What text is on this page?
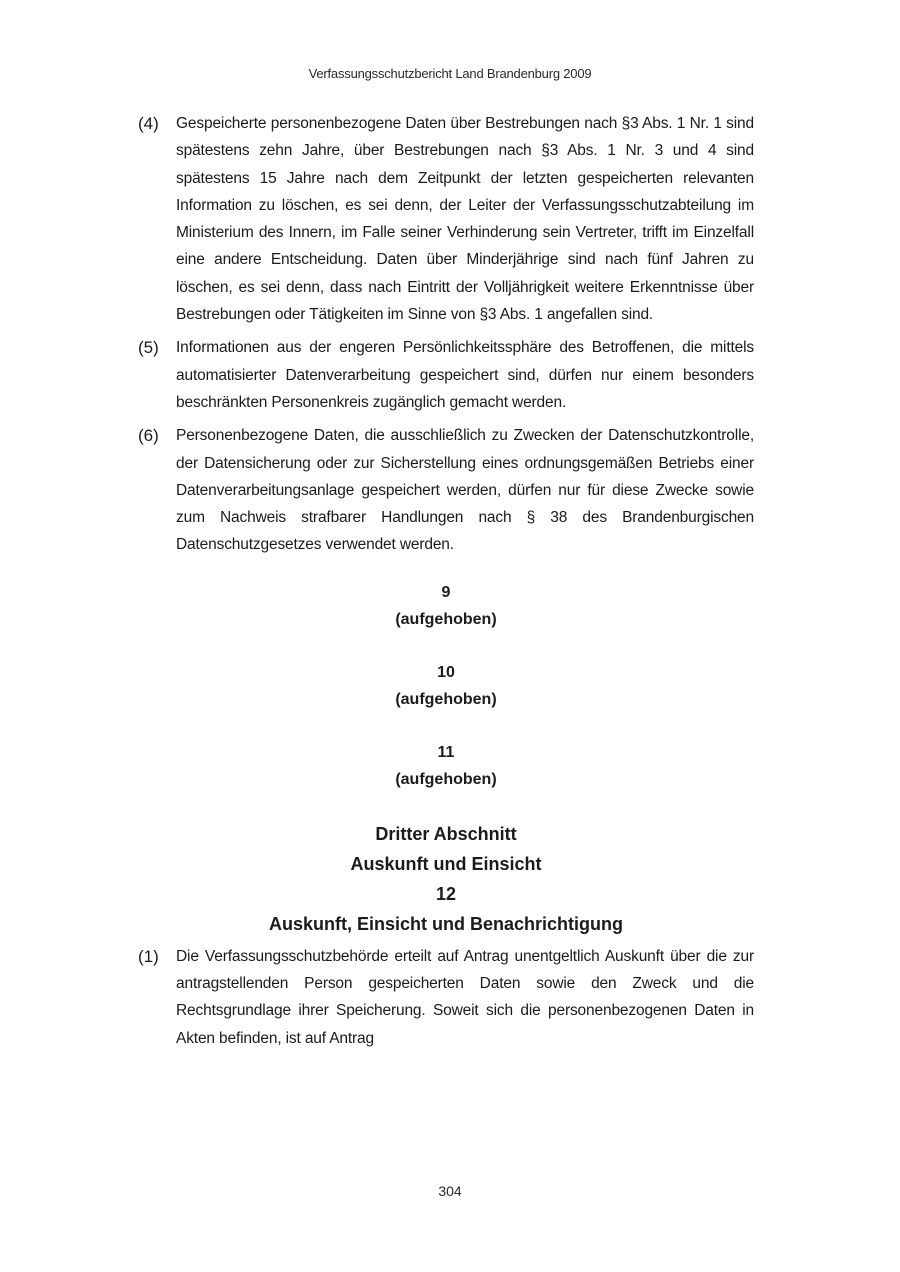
Verfassungsschutzbericht Land Brandenburg 2009
(4)	Gespeicherte personenbezogene Daten über Bestrebungen nach §3 Abs. 1 Nr. 1 sind spätestens zehn Jahre, über Bestrebungen nach §3 Abs. 1 Nr. 3 und 4 sind spätestens 15 Jahre nach dem Zeitpunkt der letzten gespeicherten relevanten Information zu löschen, es sei denn, der Leiter der Verfassungsschutzabteilung im Ministerium des Innern, im Falle seiner Verhinderung sein Vertreter, trifft im Einzelfall eine andere Entscheidung. Daten über Minderjährige sind nach fünf Jahren zu löschen, es sei denn, dass nach Eintritt der Volljährigkeit weitere Erkenntnisse über Bestrebungen oder Tätigkeiten im Sinne von §3 Abs. 1 angefallen sind.
(5)	Informationen aus der engeren Persönlichkeitssphäre des Betroffenen, die mittels automatisierter Datenverarbeitung gespeichert sind, dürfen nur einem besonders beschränkten Personenkreis zugänglich gemacht werden.
(6)	Personenbezogene Daten, die ausschließlich zu Zwecken der Datenschutzkontrolle, der Datensicherung oder zur Sicherstellung eines ordnungsgemäßen Betriebs einer Datenverarbeitungsanlage gespeichert werden, dürfen nur für diese Zwecke sowie zum Nachweis strafbarer Handlungen nach § 38 des Brandenburgischen Datenschutzgesetzes verwendet werden.
9
(aufgehoben)
10
(aufgehoben)
11
(aufgehoben)
Dritter Abschnitt
Auskunft und Einsicht
12
Auskunft, Einsicht und Benachrichtigung
(1)	Die Verfassungsschutzbehörde erteilt auf Antrag unentgeltlich Auskunft über die zur antragstellenden Person gespeicherten Daten sowie den Zweck und die Rechtsgrundlage ihrer Speicherung. Soweit sich die personenbezogenen Daten in Akten befinden, ist auf Antrag
304
